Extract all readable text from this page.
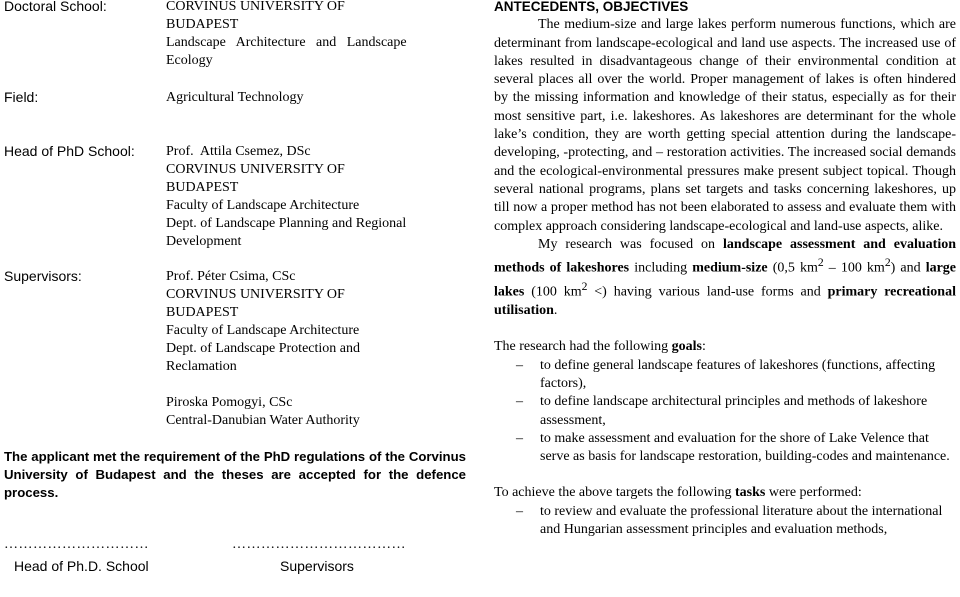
Doctoral School:	CORVINUS UNIVERSITY OF
BUDAPEST
Landscape   Architecture   and   Landscape
Ecology
Field:	Agricultural Technology
Head of PhD School: Prof.  Attila Csemez, DSc
CORVINUS UNIVERSITY OF
BUDAPEST
Faculty of Landscape Architecture
Dept. of Landscape Planning and Regional
Development
Supervisors:	Prof. Péter Csima, CSc
CORVINUS UNIVERSITY OF
BUDAPEST
Faculty of Landscape Architecture
Dept. of Landscape Protection and
Reclamation
Piroska Pomogyi, CSc
Central-Danubian Water Authority
The applicant met the requirement of the PhD regulations of the Corvinus University of Budapest and the theses are accepted for the defence process.
…………………………	………………………………
Head of Ph.D. School	Supervisors

ANTECEDENTS, OBJECTIVES

The medium-size and large lakes perform numerous functions, which are determinant from landscape-ecological and land use aspects. The increased use of lakes resulted in disadvantageous change of their environmental condition at several places all over the world. Proper management of lakes is often hindered by the missing information and knowledge of their status, especially as for their most sensitive part, i.e. lakeshores. As lakeshores are determinant for the whole lake’s condition, they are worth getting special attention during the landscape-developing, -protecting, and – restoration activities. The increased social demands and the ecological-environmental pressures make present subject topical. Though several national programs, plans set targets and tasks concerning lakeshores, up till now a proper method has not been elaborated to assess and evaluate them with complex approach considering landscape-ecological and land-use aspects, alike.

My research was focused on landscape assessment and evaluation methods of lakeshores including medium-size (0,5 $km^2 - 100$ $km^2$) and large lakes (100 $km^2$ <) having various land-use forms and primary recreational utilisation.

The research had the following goals:

– to define general landscape features of lakeshores (functions, affecting factors),
– to define landscape architectural principles and methods of lakeshore assessment,
– to make assessment and evaluation for the shore of Lake Velence that serve as basis for landscape restoration, building-codes and maintenance.

To achieve the above targets the following tasks were performed:

– to review and evaluate the professional literature about the international and Hungarian assessment principles and evaluation methods,
